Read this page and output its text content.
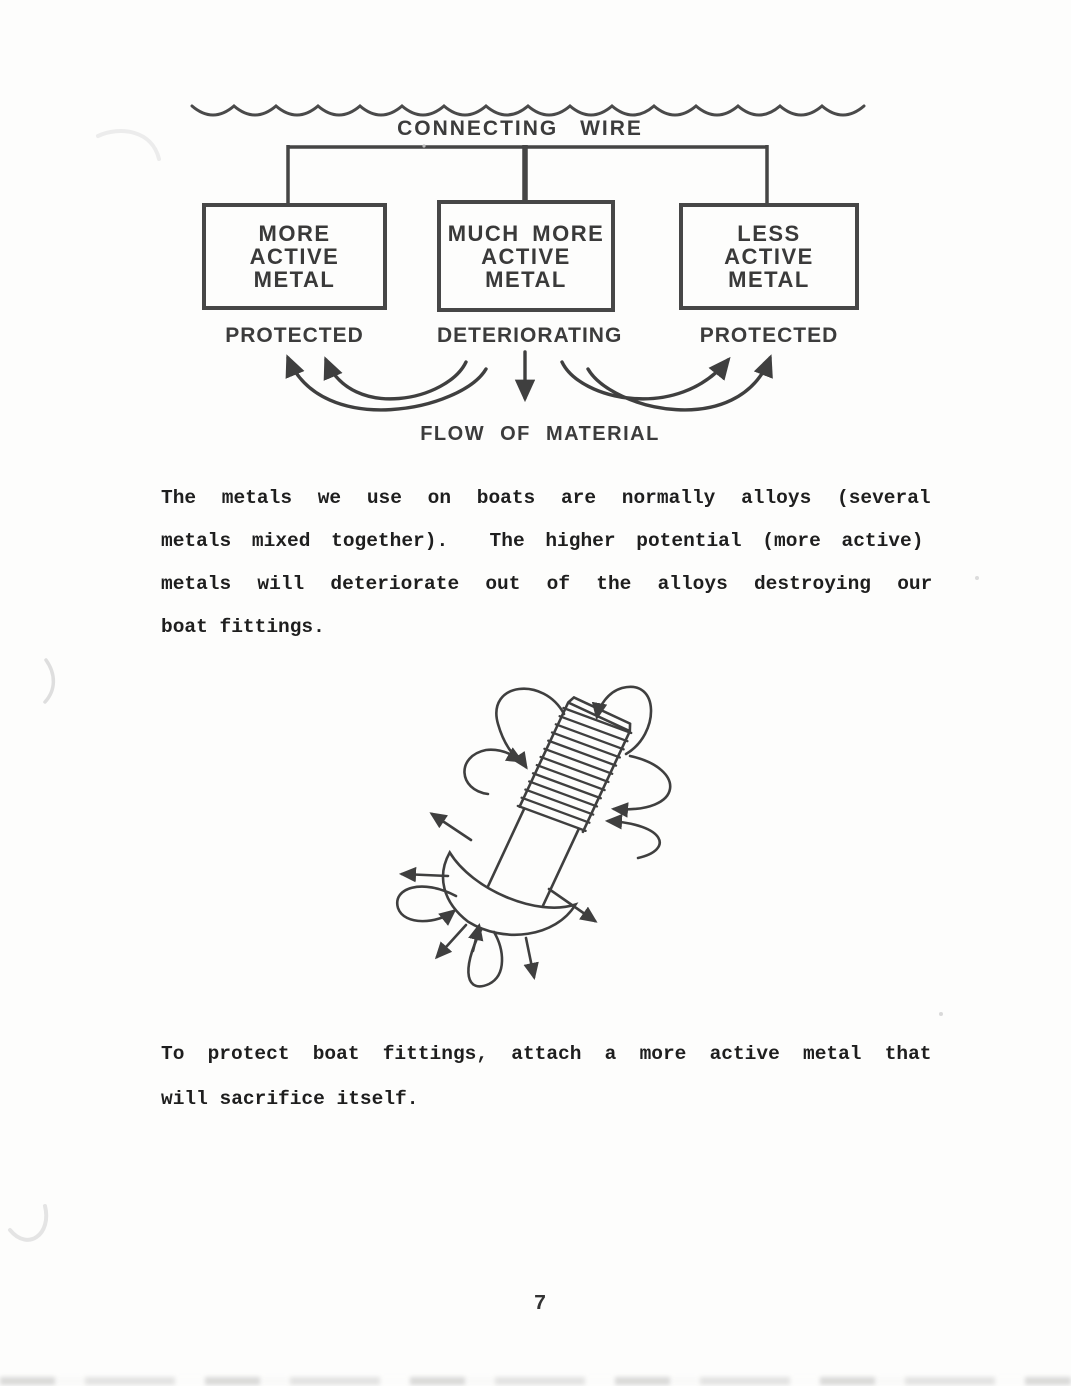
CONNECTING WIRE
MORE
ACTIVE
METAL
MUCH MORE
ACTIVE
METAL
LESS
ACTIVE
METAL
PROTECTED	DETERIORATING	PROTECTED
FLOW OF MATERIAL
The metals we use on boats are normally alloys (several
metals mixed together).  The higher potential (more active)
metals will deteriorate out of the alloys destroying our
boat fittings.
To protect boat fittings, attach a more active metal that
will sacrifice itself.
7
